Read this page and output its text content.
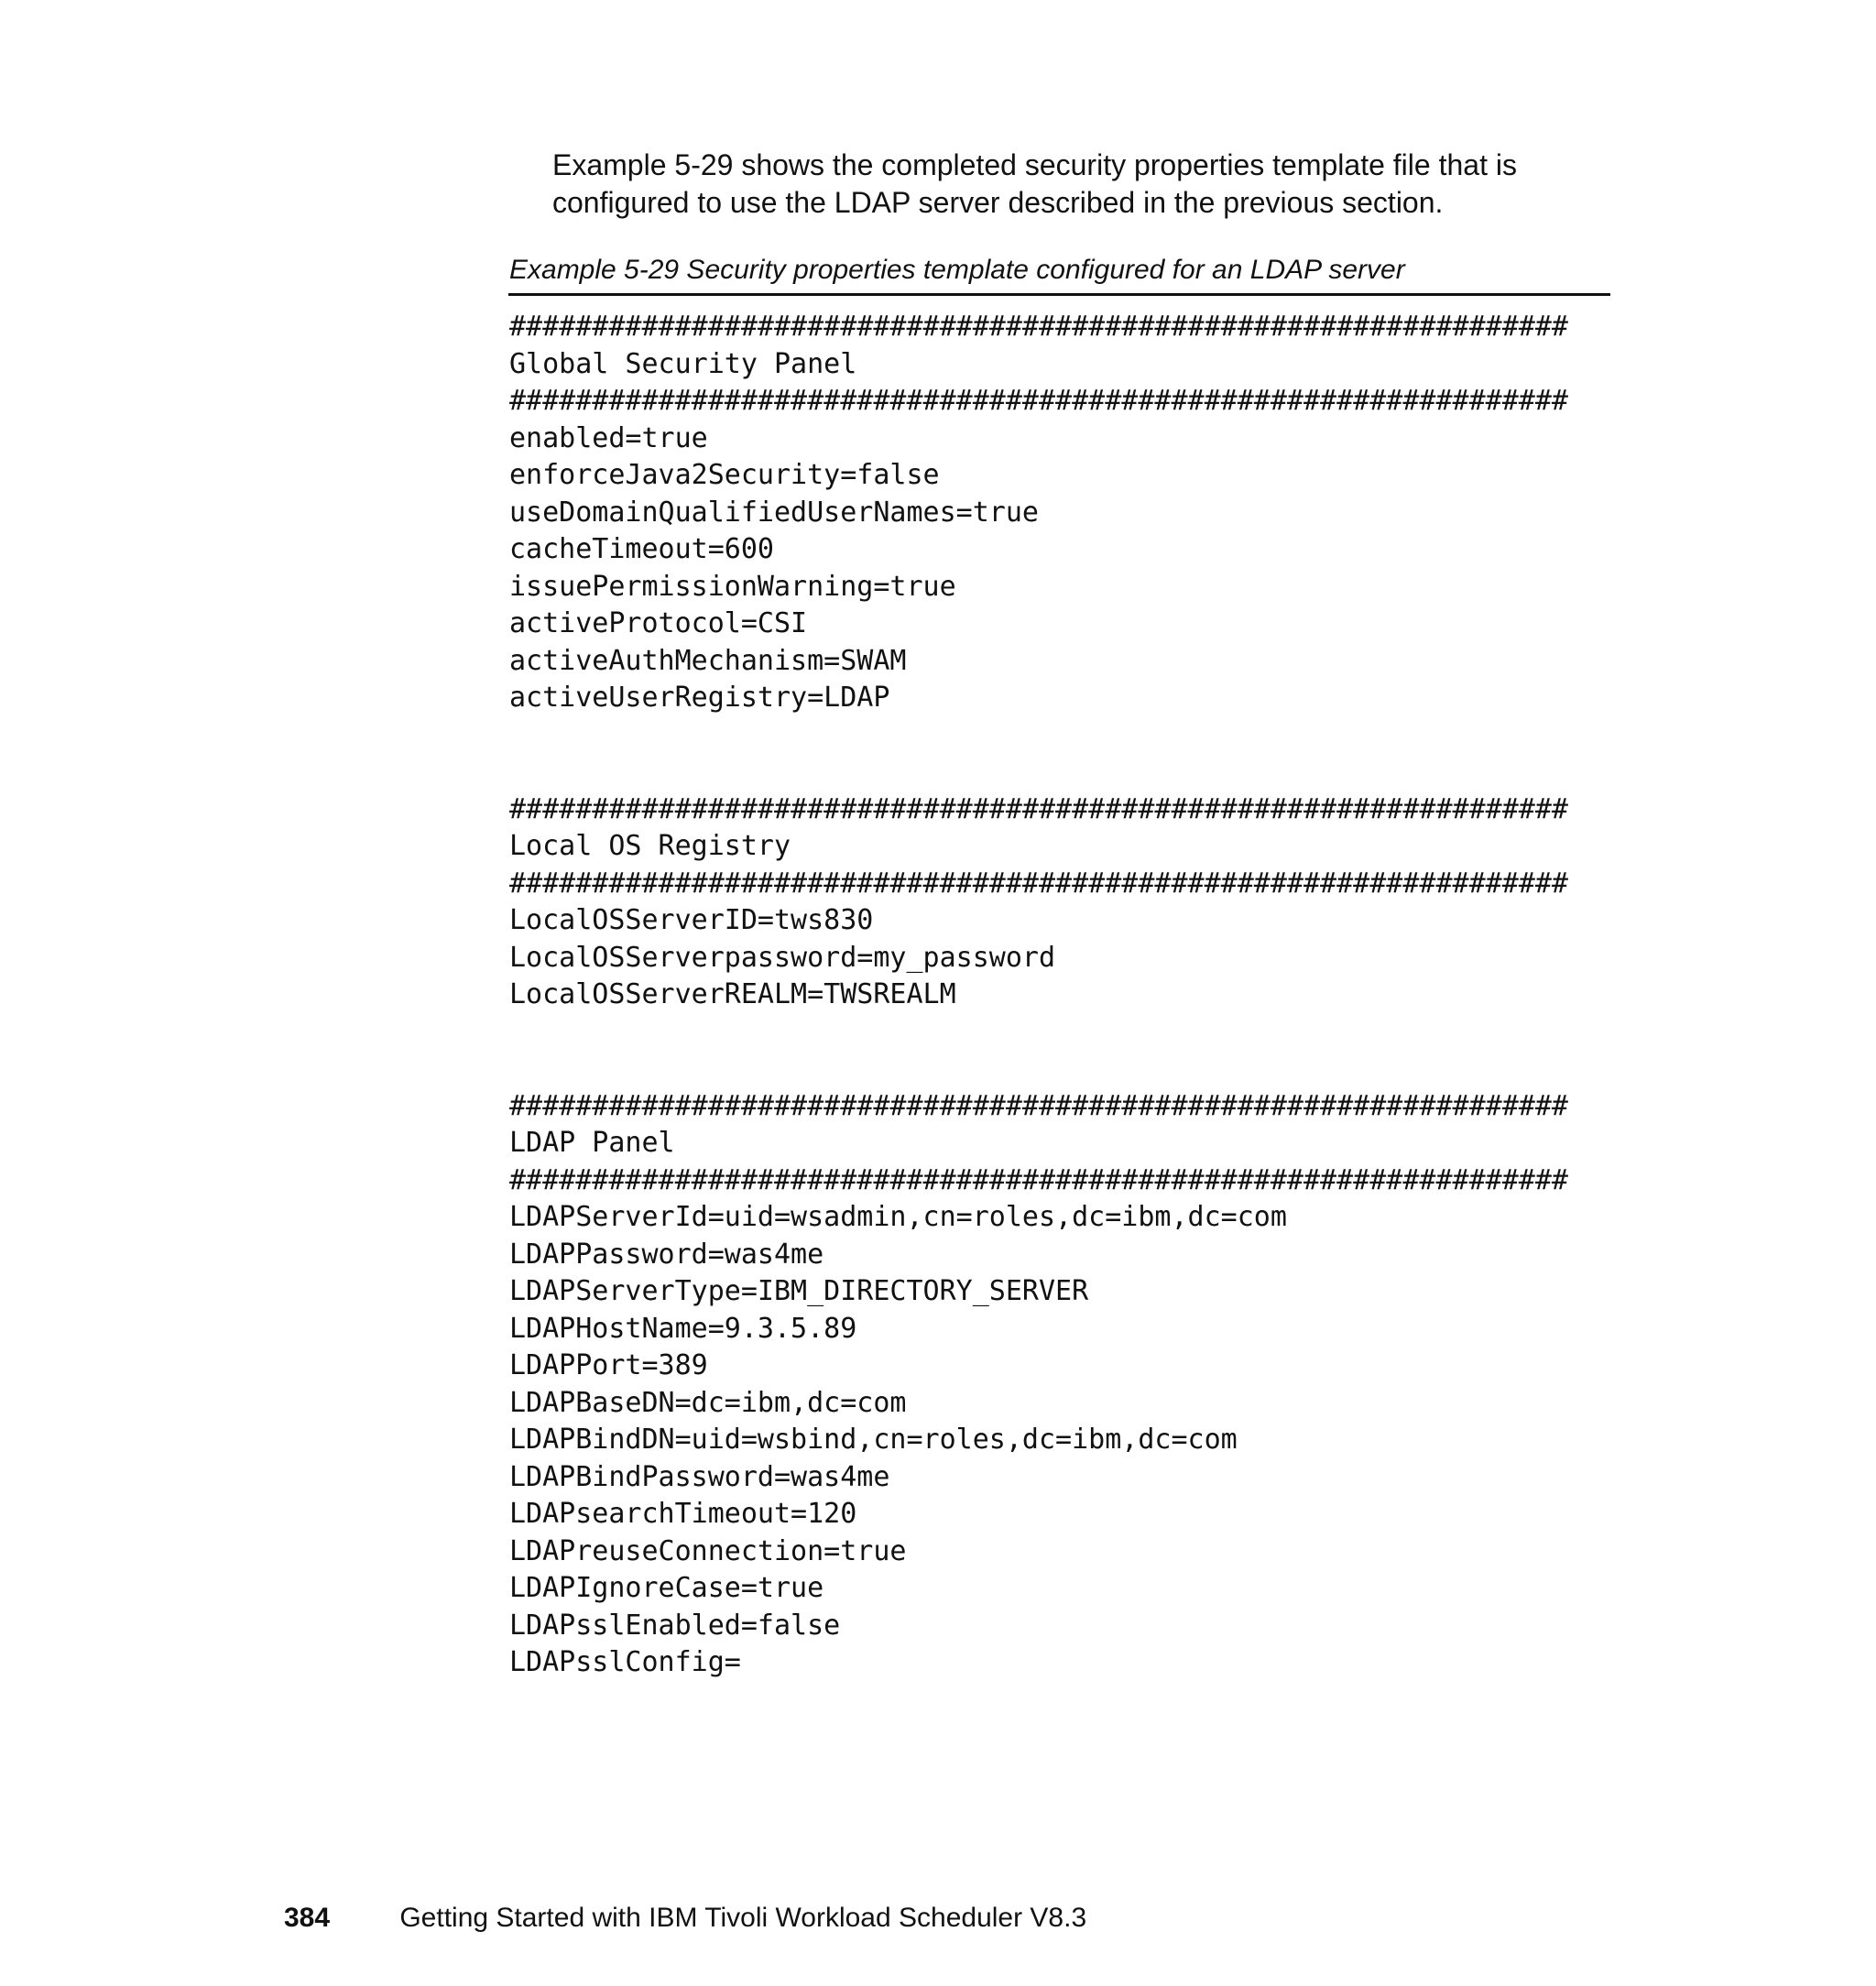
Example 5-29 shows the completed security properties template file that is
configured to use the LDAP server described in the previous section.

Example 5-29 Security properties template configured for an LDAP server
################################################################
Global Security Panel
################################################################
enabled=true
enforceJava2Security=false
useDomainQualifiedUserNames=true
cacheTimeout=600
issuePermissionWarning=true
activeProtocol=CSI
activeAuthMechanism=SWAM
activeUserRegistry=LDAP
################################################################
Local OS Registry
################################################################
LocalOSServerID=tws830
LocalOSServerpassword=my_password
LocalOSServerREALM=TWSREALM
################################################################
LDAP Panel
################################################################
LDAPServerId=uid=wsadmin,cn=roles,dc=ibm,dc=com
LDAPPassword=was4me
LDAPServerType=IBM_DIRECTORY_SERVER
LDAPHostName=9.3.5.89
LDAPPort=389
LDAPBaseDN=dc=ibm,dc=com
LDAPBindDN=uid=wsbind,cn=roles,dc=ibm,dc=com
LDAPBindPassword=was4me
LDAPsearchTimeout=120
LDAPreuseConnection=true
LDAPIgnoreCase=true
LDAPsslEnabled=false
LDAPsslConfig=
384	Getting Started with IBM Tivoli Workload Scheduler V8.3
